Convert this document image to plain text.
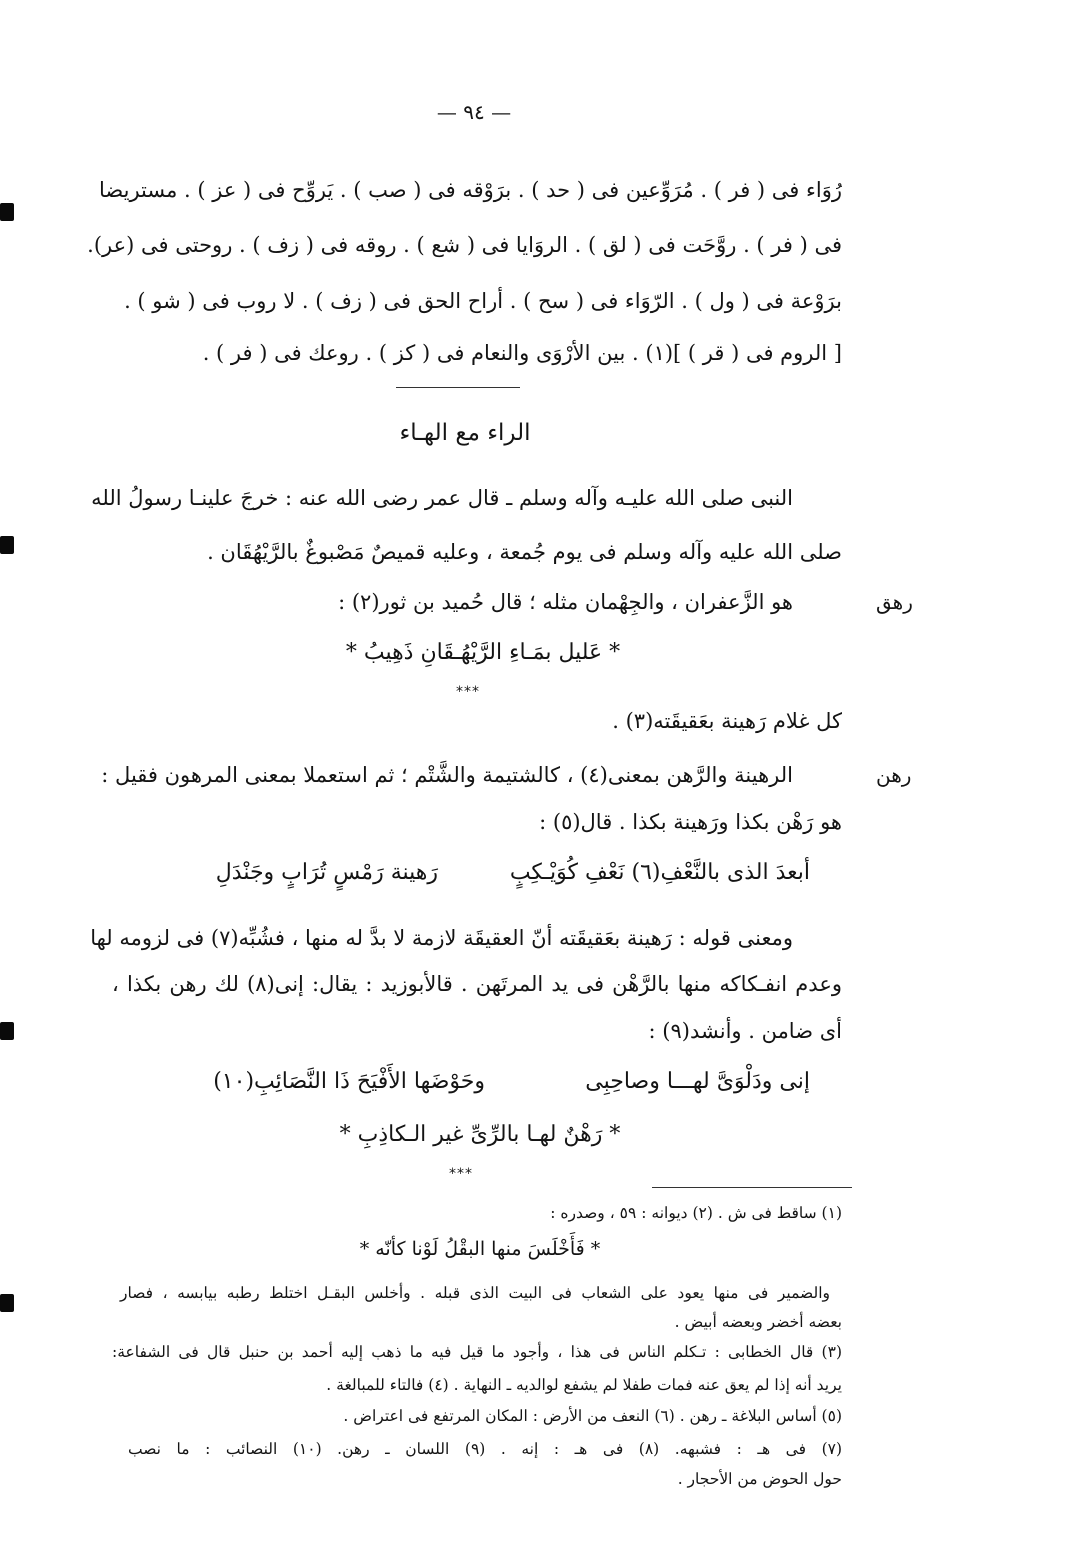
— ٩٤ —
رُوَاء فى ( فر ) . مُرَوِّعين فى ( حد ) . برَوْقه فى ( صب ) . يَروِّح فى ( عز ) . مستريضا
فى ( فر ) . روَّحَت فى ( لق ) . الروَايا فى ( شع ) . روقه فى ( زف ) . روحتى فى (عر).
برَوْعة فى ( ول ) . الرّوَاء فى ( سح ) . أراح الحق فى ( زف ) . لا روب فى ( شو ) .
[ الروم فى ( قر ) ](١) . بين الأرْوَى والنعام فى ( كز ) . روعك فى ( فر ) .
الراء مع الهـاء
النبى صلى الله عليـه وآله وسلم ـ قال عمر رضى الله عنه : خرجَ علينـا رسولُ الله
صلى الله عليه وآله وسلم فى يوم جُمعة ، وعليه قميصٌ مَصْبوغٌ بالرَّيْهُقَان .
رهق
هو الزَّعفران ، والجِهْمان مثله ؛ قال حُميد بن ثور(٢) :
* عَليل بمَـاءِ الرَّيْهُـقَانِ ذَهِيبُ *
***
كل غلام رَهينة بعَقيقَته(٣) .
رهن
الرهينة والرَّهن بمعنى(٤) ، كالشتيمة والشَّتْم ؛ ثم استعملا بمعنى المرهون فقيل :
هو رَهْن بكذا ورَهينة بكذا . قال(٥) :
أبعدَ الذى بالنَّعْفِ(٦) نَعْفِ كُوَيْـكِبٍ
رَهينة رَمْسٍ تُرَابٍ وجَنْدَلِ
ومعنى قوله : رَهينة بعَقيقَته أنّ العقيقَة لازمة لا بدَّ له منها ، فشُبِّه(٧) فى لزومه لها
وعدم انفـكاكه منها بالرَّهْن فى يد المرتَهن . قالأبوزيد : يقال: إنى(٨) لك رهن بكذا ،
أى ضامن . وأنشد(٩) :
إنى ودَلْوَىَّ لهـــا وصاحِبِى
وحَوْضَها الأَفْيَحَ ذَا النَّصَائِبِ(١٠)
* رَهْنٌ لهـا بالرِّىِّ غير الـكاذِبِ *
***
(١) ساقط فى ش . (٢) ديوانه : ٥٩ ، وصدره :
* فَأَخْلَسَ منها البقْلُ لَوْنا كأنّه *
والضمير فى منها يعود على الشعاب فى البيت الذى قبله . وأخلس البقـل اختلط رطبه بيابسه ، فصار
بعضه أخضر وبعضه أبيض .
(٣) قال الخطابى : تـكلم الناس فى هذا ، وأجود ما قيل فيه ما ذهب إليه أحمد بن حنبل قال فى الشفاعة:
يريد أنه إذا لم يعق عنه فمات طفلا لم يشفع لوالديه ـ النهاية . (٤) فالتاء للمبالغة .
(٥) أساس البلاغة ـ رهن . (٦) النعف من الأرض : المكان المرتفع فى اعتراض .
(٧) فى هـ : فشبهه. (٨) فى هـ : إنه . (٩) اللسان ـ رهن. (١٠) النصائب : ما نصب
حول الحوض من الأحجار .
